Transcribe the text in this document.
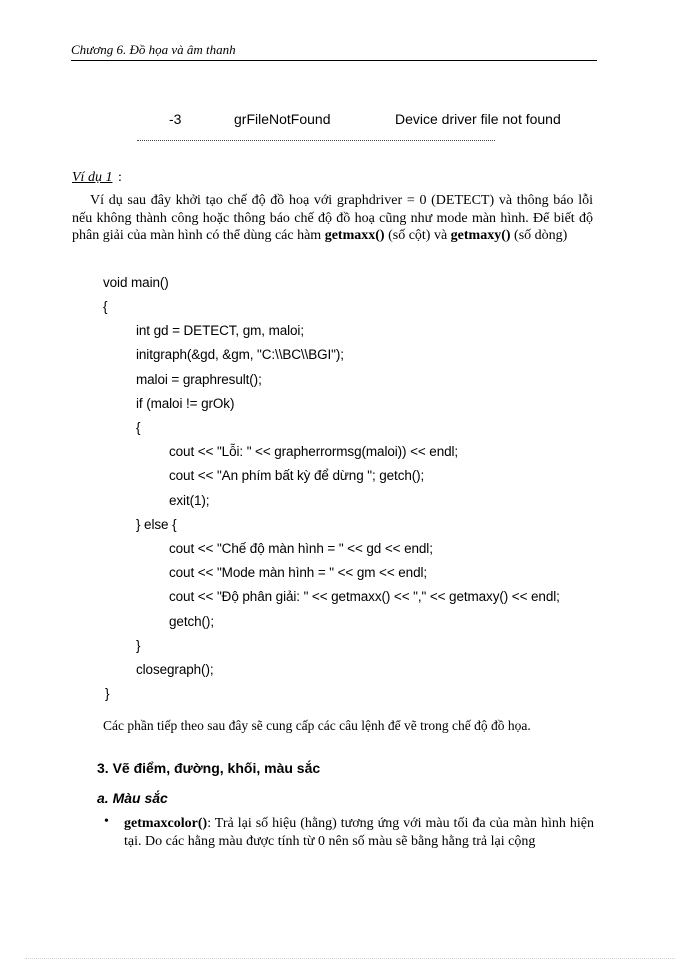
Chương 6. Đồ họa và âm thanh
-3	grFileNotFound	Device driver file not found
Ví dụ 1 :
Ví dụ sau đây khởi tạo chế độ đồ hoạ với graphdriver = 0 (DETECT) và thông báo lỗi nếu không thành công hoặc thông báo chế độ đồ hoạ cũng như mode màn hình. Để biết độ phân giải của màn hình có thể dùng các hàm getmaxx() (số cột) và getmaxy() (số dòng)
void main()
{
int gd = DETECT, gm, maloi;
initgraph(&gd, &gm, "C:\\BC\\BGI");
maloi = graphresult();
if (maloi != grOk)
{
cout << "Lỗi: " << grapherrormsg(maloi)) << endl;
cout << "An phím bất kỳ để dừng "; getch();
exit(1);
} else {
cout << "Chế độ màn hình = " << gd << endl;
cout << "Mode màn hình = " << gm << endl;
cout << "Độ phân giải: " << getmaxx() << "," << getmaxy() << endl;
getch();
}
closegraph();
}
Các phần tiếp theo sau đây sẽ cung cấp các câu lệnh để vẽ trong chế độ đồ họa.
3. Vẽ điểm, đường, khối, màu sắc
a. Màu sắc
• getmaxcolor(): Trả lại số hiệu (hằng) tương ứng với màu tối đa của màn hình hiện tại. Do các hằng màu được tính từ 0 nên số màu sẽ bằng hằng trả lại cộng
